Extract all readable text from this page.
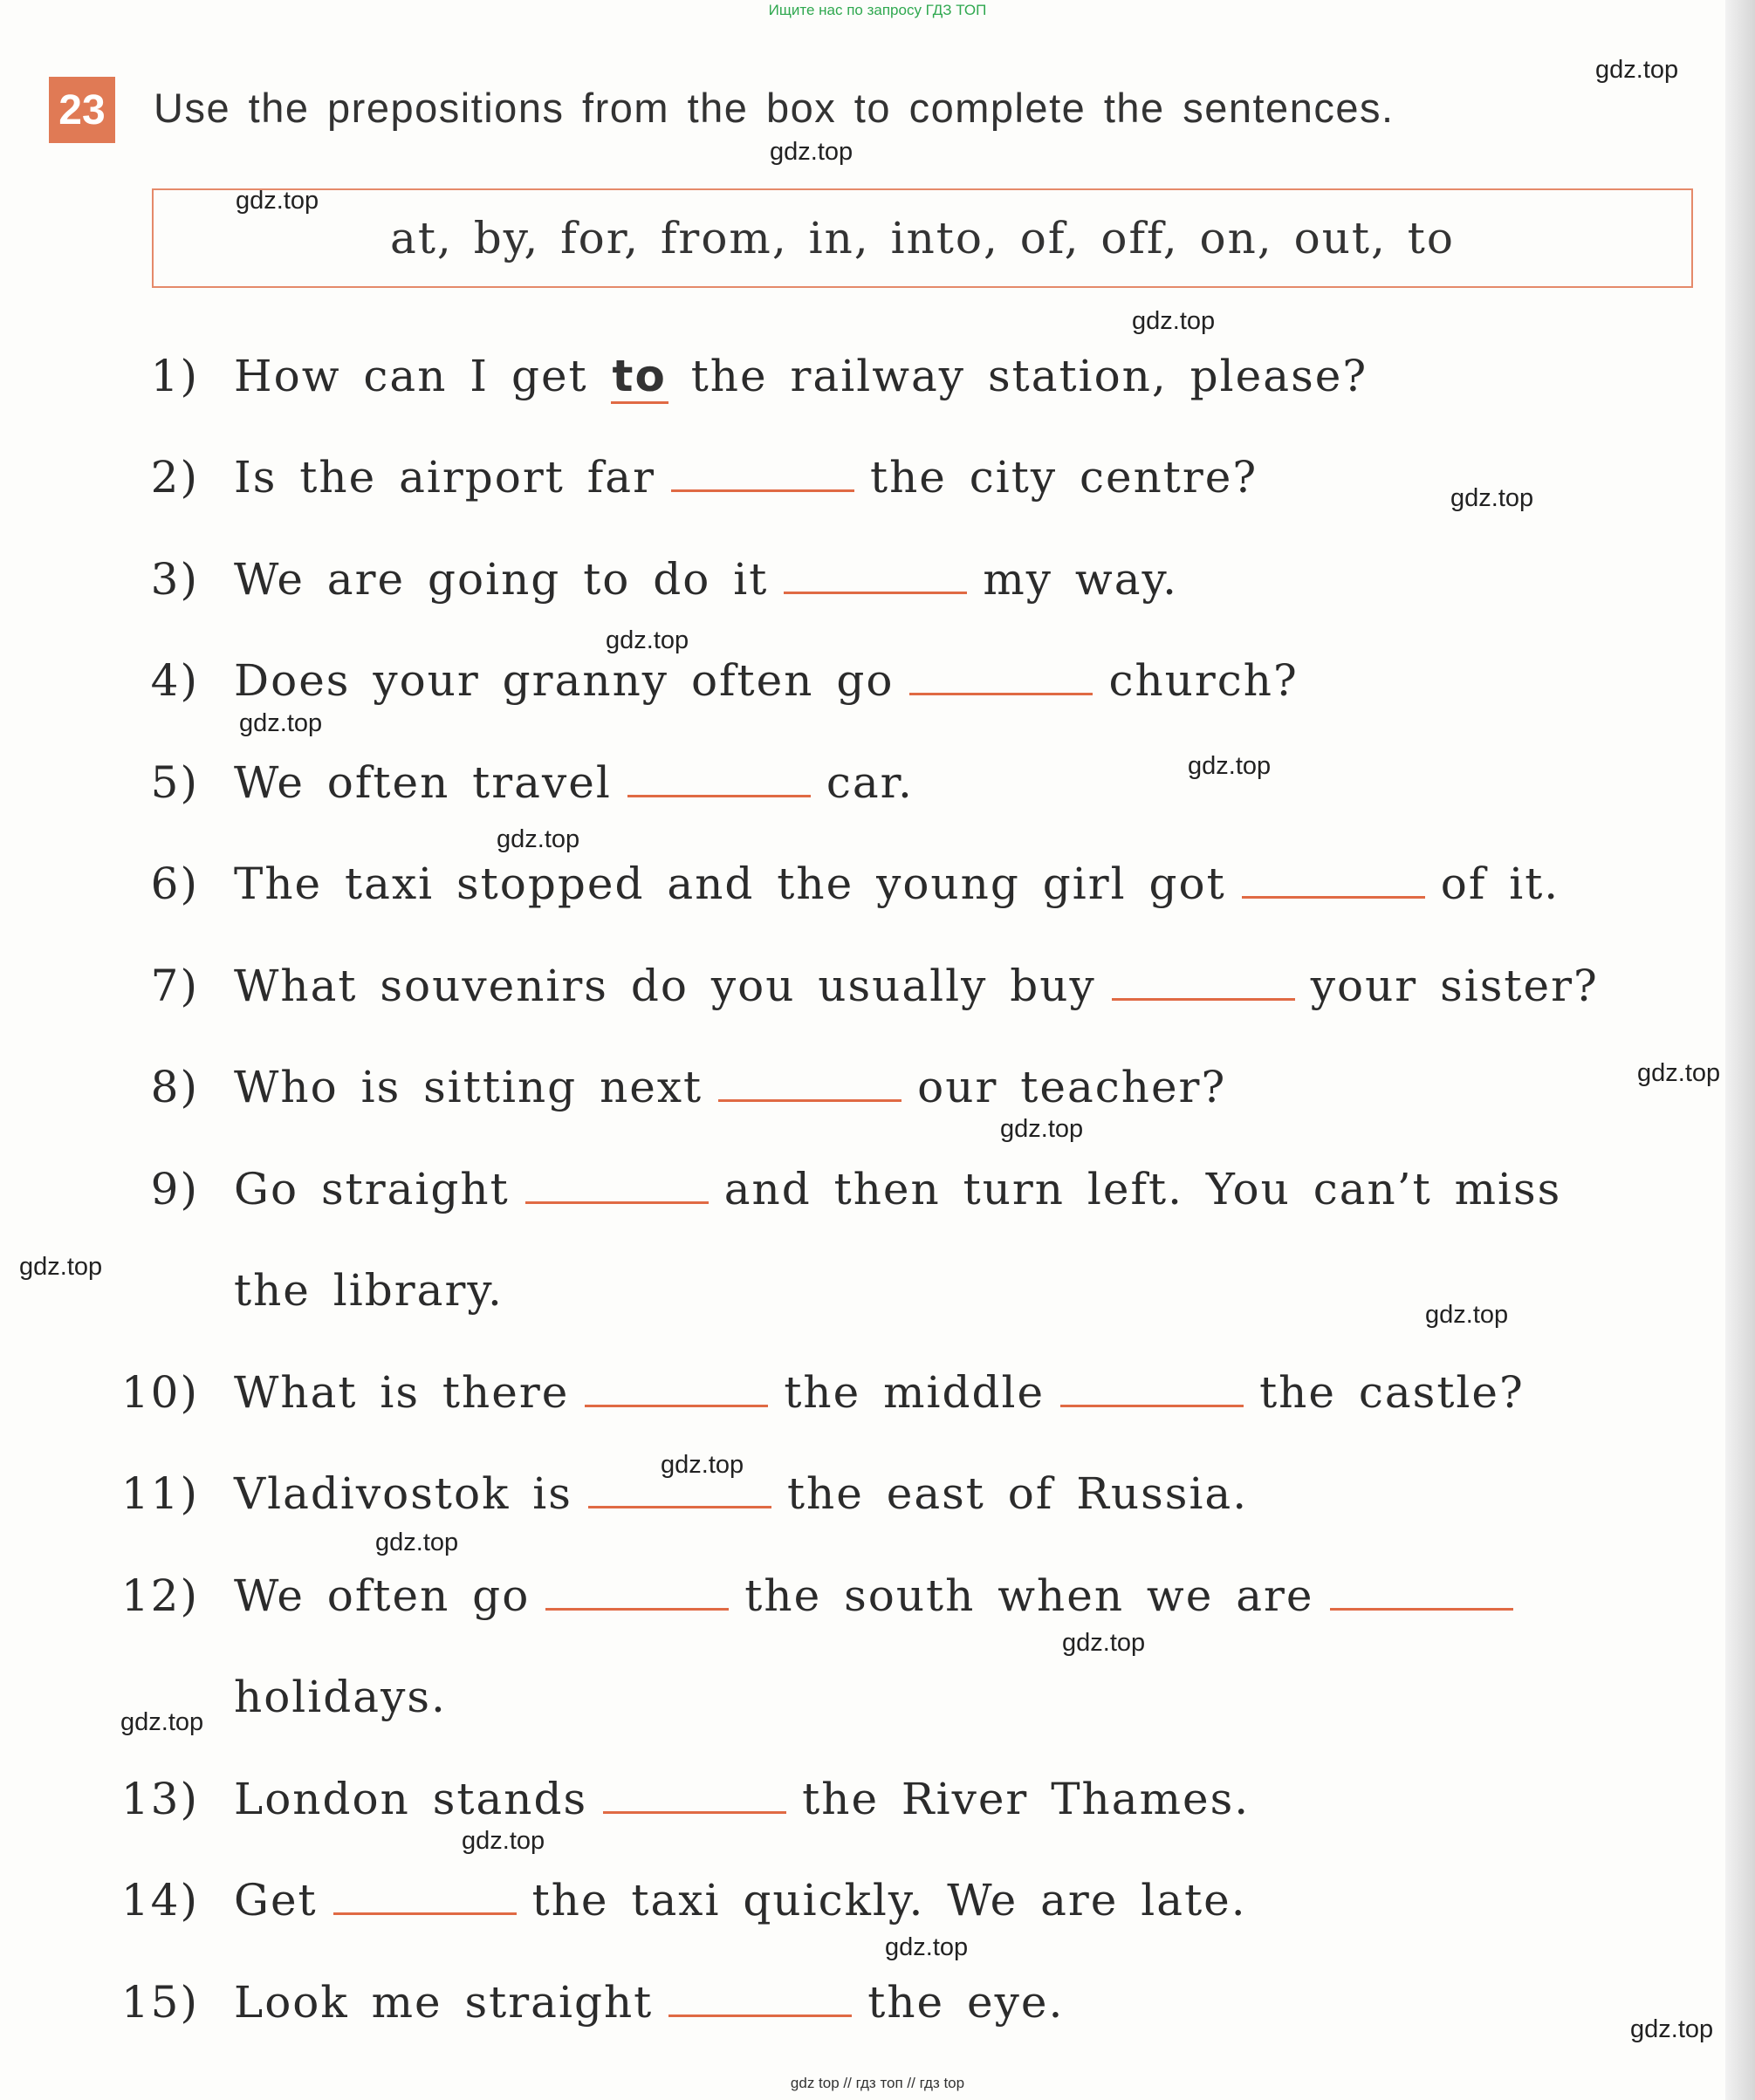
Ищите нас по запросу ГДЗ ТОП
23 Use the prepositions from the box to complete the sentences.
at, by, for, from, in, into, of, off, on, out, to
1) How can I get to the railway station, please?
2) Is the airport far	the city centre?
3) We are going to do it	my way.
4) Does your granny often go	church?
5) We often travel	car.
6) The taxi stopped and the young girl got	of it.
7) What souvenirs do you usually buy	your sister?
8) Who is sitting next	our teacher?
9) Go straight	and then turn left. You can’t miss
the library.
10) What is there	the middle	the castle?
11) Vladivostok is	the east of Russia.
12) We often go	the south when we are
holidays.
13) London stands	the River Thames.
14) Get	the taxi quickly. We are late.
15) Look me straight	the eye.
gdz.top
gdz.top
gdz.top
gdz.top
gdz.top
gdz.top
gdz.top
gdz.top
gdz.top
gdz.top
gdz.top
gdz.top
gdz.top
gdz.top
gdz.top
gdz.top
gdz.top
gdz.top
gdz.top
gdz.top
gdz top // гдз топ // гдз top
